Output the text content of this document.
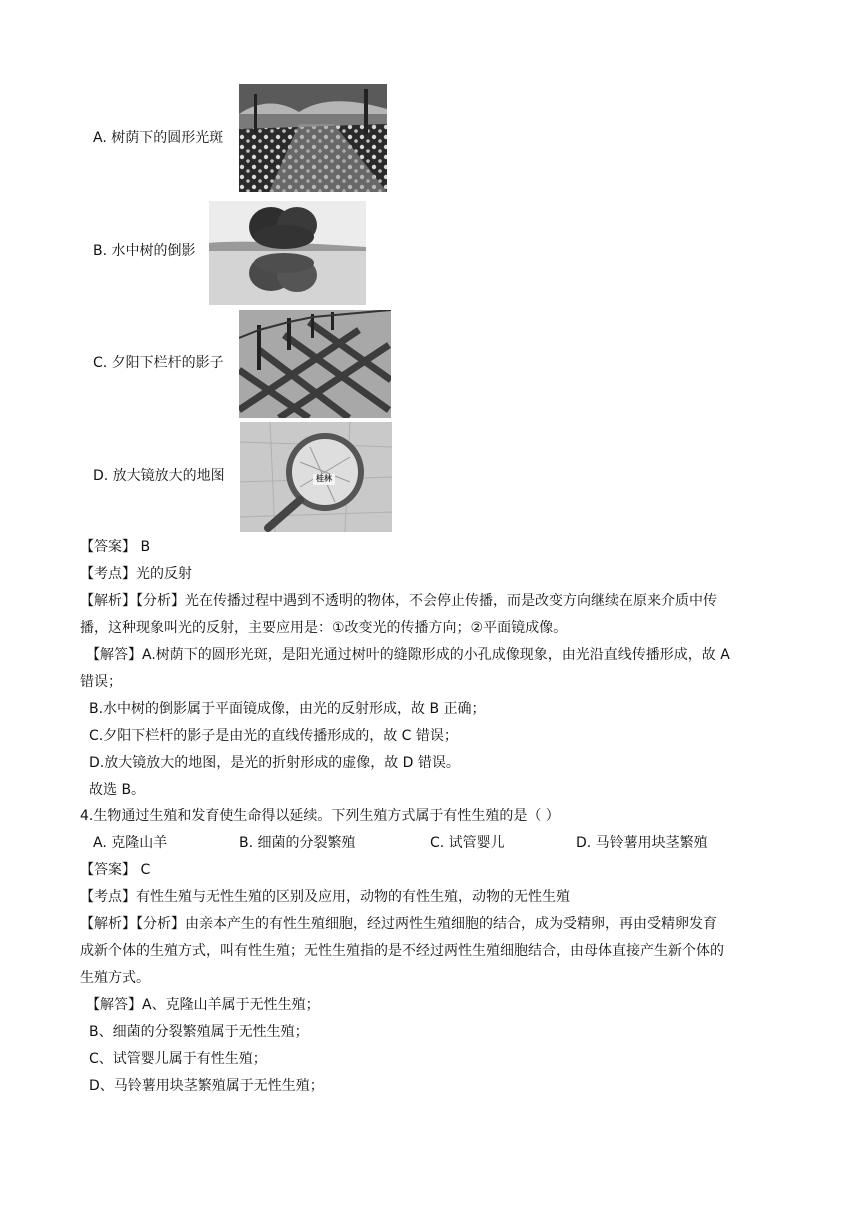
A. 树荫下的圆形光斑
B. 水中树的倒影
C. 夕阳下栏杆的影子
D. 放大镜放大的地图	桂林
【答案】 B
【考点】光的反射
【解析】【分析】光在传播过程中遇到不透明的物体，不会停止传播，而是改变方向继续在原来介质中传
播，这种现象叫光的反射，主要应用是：①改变光的传播方向；②平面镜成像。
【解答】A.树荫下的圆形光斑，是阳光通过树叶的缝隙形成的小孔成像现象，由光沿直线传播形成，故 A
错误；
B.水中树的倒影属于平面镜成像，由光的反射形成，故 B 正确；
C.夕阳下栏杆的影子是由光的直线传播形成的，故 C 错误；
D.放大镜放大的地图，是光的折射形成的虚像，故 D 错误。
故选 B。
4.生物通过生殖和发育使生命得以延续。下列生殖方式属于有性生殖的是（ ）
A. 克隆山羊	B. 细菌的分裂繁殖	C. 试管婴儿	D. 马铃薯用块茎繁殖
【答案】 C
【考点】有性生殖与无性生殖的区别及应用，动物的有性生殖，动物的无性生殖
【解析】【分析】由亲本产生的有性生殖细胞，经过两性生殖细胞的结合，成为受精卵，再由受精卵发育
成新个体的生殖方式，叫有性生殖；无性生殖指的是不经过两性生殖细胞结合，由母体直接产生新个体的
生殖方式。
【解答】A、克隆山羊属于无性生殖；
B、细菌的分裂繁殖属于无性生殖；
C、试管婴儿属于有性生殖；
D、马铃薯用块茎繁殖属于无性生殖；
